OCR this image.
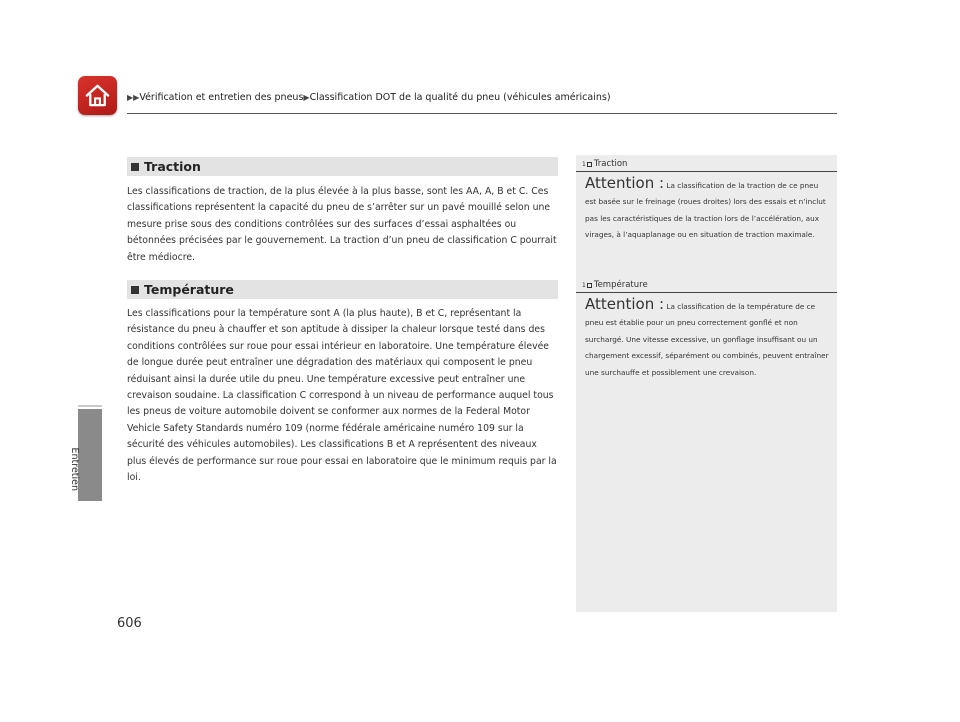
▶▶Vérification et entretien des pneus▶Classification DOT de la qualité du pneu (véhicules américains)
Entretien
Traction
Les classifications de traction, de la plus élevée à la plus basse, sont les AA, A, B et C. Ces classifications représentent la capacité du pneu de s’arrêter sur un pavé mouillé selon une mesure prise sous des conditions contrôlées sur des surfaces d’essai asphaltées ou bétonnées précisées par le gouvernement. La traction d’un pneu de classification C pourrait être médiocre.
Température
Les classifications pour la température sont A (la plus haute), B et C, représentant la résistance du pneu à chauffer et son aptitude à dissiper la chaleur lorsque testé dans des conditions contrôlées sur roue pour essai intérieur en laboratoire. Une température élevée de longue durée peut entraîner une dégradation des matériaux qui composent le pneu réduisant ainsi la durée utile du pneu. Une température excessive peut entraîner une crevaison soudaine. La classification C correspond à un niveau de performance auquel tous les pneus de voiture automobile doivent se conformer aux normes de la Federal Motor Vehicle Safety Standards numéro 109 (norme fédérale américaine numéro 109 sur la sécurité des véhicules automobiles). Les classifications B et A représentent des niveaux plus élevés de performance sur roue pour essai en laboratoire que le minimum requis par la loi.
1 Traction
Attention : La classification de la traction de ce pneu est basée sur le freinage (roues droites) lors des essais et n’inclut pas les caractéristiques de la traction lors de l’accélération, aux virages, à l’aquaplanage ou en situation de traction maximale.
1 Température
Attention : La classification de la température de ce pneu est établie pour un pneu correctement gonflé et non surchargé. Une vitesse excessive, un gonflage insuffisant ou un chargement excessif, séparément ou combinés, peuvent entraîner une surchauffe et possiblement une crevaison.
606
